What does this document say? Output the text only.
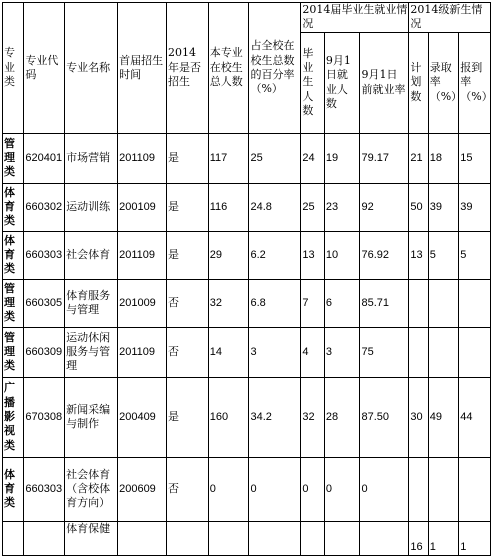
专业类	专业代码	专业名称	首届招生时间	2014年是否招生	本专业在校生总人数	占全校在校生总数的百分率（%）	2014届毕业生就业情况			2014级新生情况		
							毕业生人数	9月1日就业人数	9月1日前就业率	计划数	录取率（%）	报到率（%）
管理类	620401	市场营销	201109	是	117	25	24	19	79.17	21	18	15
体育类	660302	运动训练	200109	是	116	24.8	25	23	92	50	39	39
体育类	660303	社会体育	201109	是	29	6.2	13	10	76.92	13	5	5
管理类	660305	体育服务与管理	201009	否	32	6.8	7	6	85.71			
管理类	660309	运动休闲服务与管理	201109	否	14	3	4	3	75			
广播影视类	670308	新闻采编与制作	200409	是	160	34.2	32	28	87.50	30	49	44
体育类	660303	社会体育（含校体育方向）	200609	否	0	0	0	0	0			
		体育保健								16	1	1
